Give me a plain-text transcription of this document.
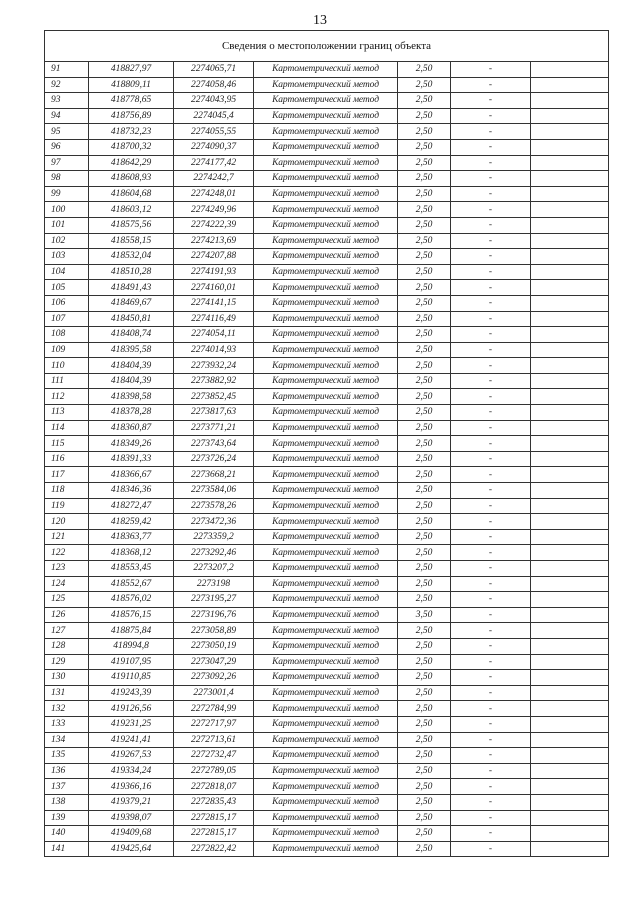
13
Сведения о местоположении границ объекта						
91	418827,97	2274065,71	Картометрический метод	2,50	-	
92	418809,11	2274058,46	Картометрический метод	2,50	-	
93	418778,65	2274043,95	Картометрический метод	2,50	-	
94	418756,89	2274045,4	Картометрический метод	2,50	-	
95	418732,23	2274055,55	Картометрический метод	2,50	-	
96	418700,32	2274090,37	Картометрический метод	2,50	-	
97	418642,29	2274177,42	Картометрический метод	2,50	-	
98	418608,93	2274242,7	Картометрический метод	2,50	-	
99	418604,68	2274248,01	Картометрический метод	2,50	-	
100	418603,12	2274249,96	Картометрический метод	2,50	-	
101	418575,56	2274222,39	Картометрический метод	2,50	-	
102	418558,15	2274213,69	Картометрический метод	2,50	-	
103	418532,04	2274207,88	Картометрический метод	2,50	-	
104	418510,28	2274191,93	Картометрический метод	2,50	-	
105	418491,43	2274160,01	Картометрический метод	2,50	-	
106	418469,67	2274141,15	Картометрический метод	2,50	-	
107	418450,81	2274116,49	Картометрический метод	2,50	-	
108	418408,74	2274054,11	Картометрический метод	2,50	-	
109	418395,58	2274014,93	Картометрический метод	2,50	-	
110	418404,39	2273932,24	Картометрический метод	2,50	-	
111	418404,39	2273882,92	Картометрический метод	2,50	-	
112	418398,58	2273852,45	Картометрический метод	2,50	-	
113	418378,28	2273817,63	Картометрический метод	2,50	-	
114	418360,87	2273771,21	Картометрический метод	2,50	-	
115	418349,26	2273743,64	Картометрический метод	2,50	-	
116	418391,33	2273726,24	Картометрический метод	2,50	-	
117	418366,67	2273668,21	Картометрический метод	2,50	-	
118	418346,36	2273584,06	Картометрический метод	2,50	-	
119	418272,47	2273578,26	Картометрический метод	2,50	-	
120	418259,42	2273472,36	Картометрический метод	2,50	-	
121	418363,77	2273359,2	Картометрический метод	2,50	-	
122	418368,12	2273292,46	Картометрический метод	2,50	-	
123	418553,45	2273207,2	Картометрический метод	2,50	-	
124	418552,67	2273198	Картометрический метод	2,50	-	
125	418576,02	2273195,27	Картометрический метод	2,50	-	
126	418576,15	2273196,76	Картометрический метод	3,50	-	
127	418875,84	2273058,89	Картометрический метод	2,50	-	
128	418994,8	2273050,19	Картометрический метод	2,50	-	
129	419107,95	2273047,29	Картометрический метод	2,50	-	
130	419110,85	2273092,26	Картометрический метод	2,50	-	
131	419243,39	2273001,4	Картометрический метод	2,50	-	
132	419126,56	2272784,99	Картометрический метод	2,50	-	
133	419231,25	2272717,97	Картометрический метод	2,50	-	
134	419241,41	2272713,61	Картометрический метод	2,50	-	
135	419267,53	2272732,47	Картометрический метод	2,50	-	
136	419334,24	2272789,05	Картометрический метод	2,50	-	
137	419366,16	2272818,07	Картометрический метод	2,50	-	
138	419379,21	2272835,43	Картометрический метод	2,50	-	
139	419398,07	2272815,17	Картометрический метод	2,50	-	
140	419409,68	2272815,17	Картометрический метод	2,50	-	
141	419425,64	2272822,42	Картометрический метод	2,50	-	
